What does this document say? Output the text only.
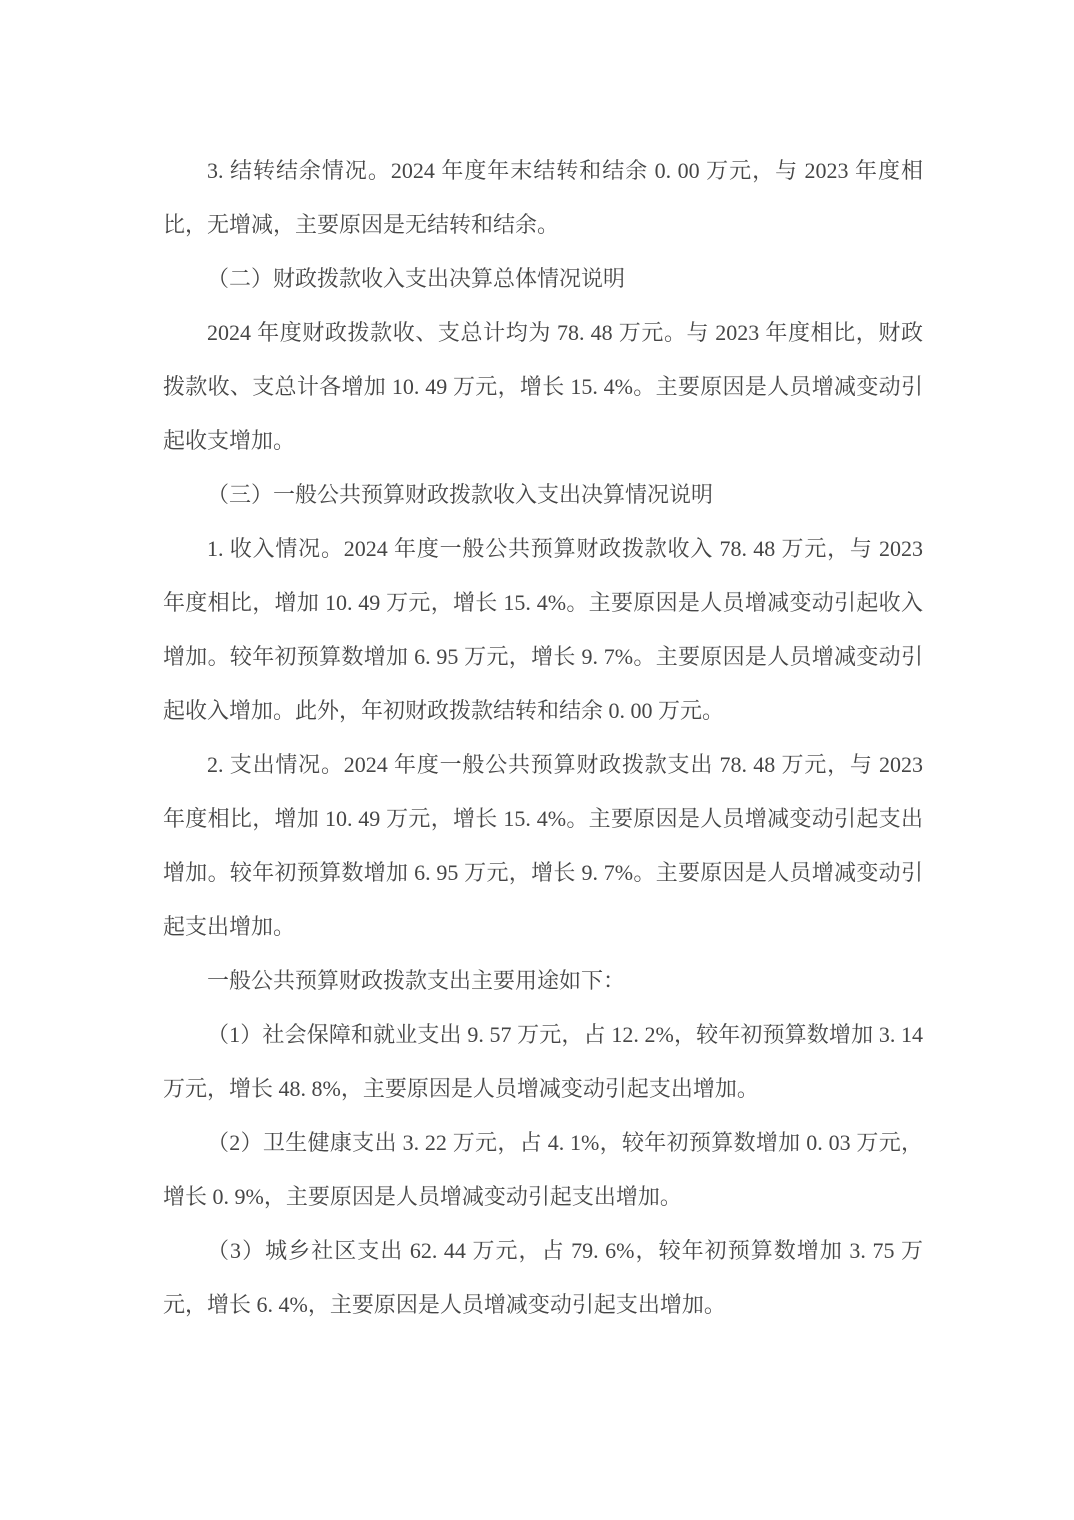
3. 结转结余情况。2024 年度年末结转和结余 0. 00 万元，与 2023 年度相比，无增减，主要原因是无结转和结余。

（二）财政拨款收入支出决算总体情况说明

2024 年度财政拨款收、支总计均为 78. 48 万元。与 2023 年度相比，财政拨款收、支总计各增加 10. 49 万元，增长 15. 4%。主要原因是人员增减变动引起收支增加。

（三）一般公共预算财政拨款收入支出决算情况说明

1. 收入情况。2024 年度一般公共预算财政拨款收入 78. 48 万元，与 2023 年度相比，增加 10. 49 万元，增长 15. 4%。主要原因是人员增减变动引起收入增加。较年初预算数增加 6. 95 万元，增长 9. 7%。主要原因是人员增减变动引起收入增加。此外，年初财政拨款结转和结余 0. 00 万元。

2. 支出情况。2024 年度一般公共预算财政拨款支出 78. 48 万元，与 2023 年度相比，增加 10. 49 万元，增长 15. 4%。主要原因是人员增减变动引起支出增加。较年初预算数增加 6. 95 万元，增长 9. 7%。主要原因是人员增减变动引起支出增加。

一般公共预算财政拨款支出主要用途如下：

（1）社会保障和就业支出 9. 57 万元，占 12. 2%，较年初预算数增加 3. 14 万元，增长 48. 8%，主要原因是人员增减变动引起支出增加。

（2）卫生健康支出 3. 22 万元，占 4. 1%，较年初预算数增加 0. 03 万元，增长 0. 9%，主要原因是人员增减变动引起支出增加。

（3）城乡社区支出 62. 44 万元，占 79. 6%，较年初预算数增加 3. 75 万元，增长 6. 4%，主要原因是人员增减变动引起支出增加。
